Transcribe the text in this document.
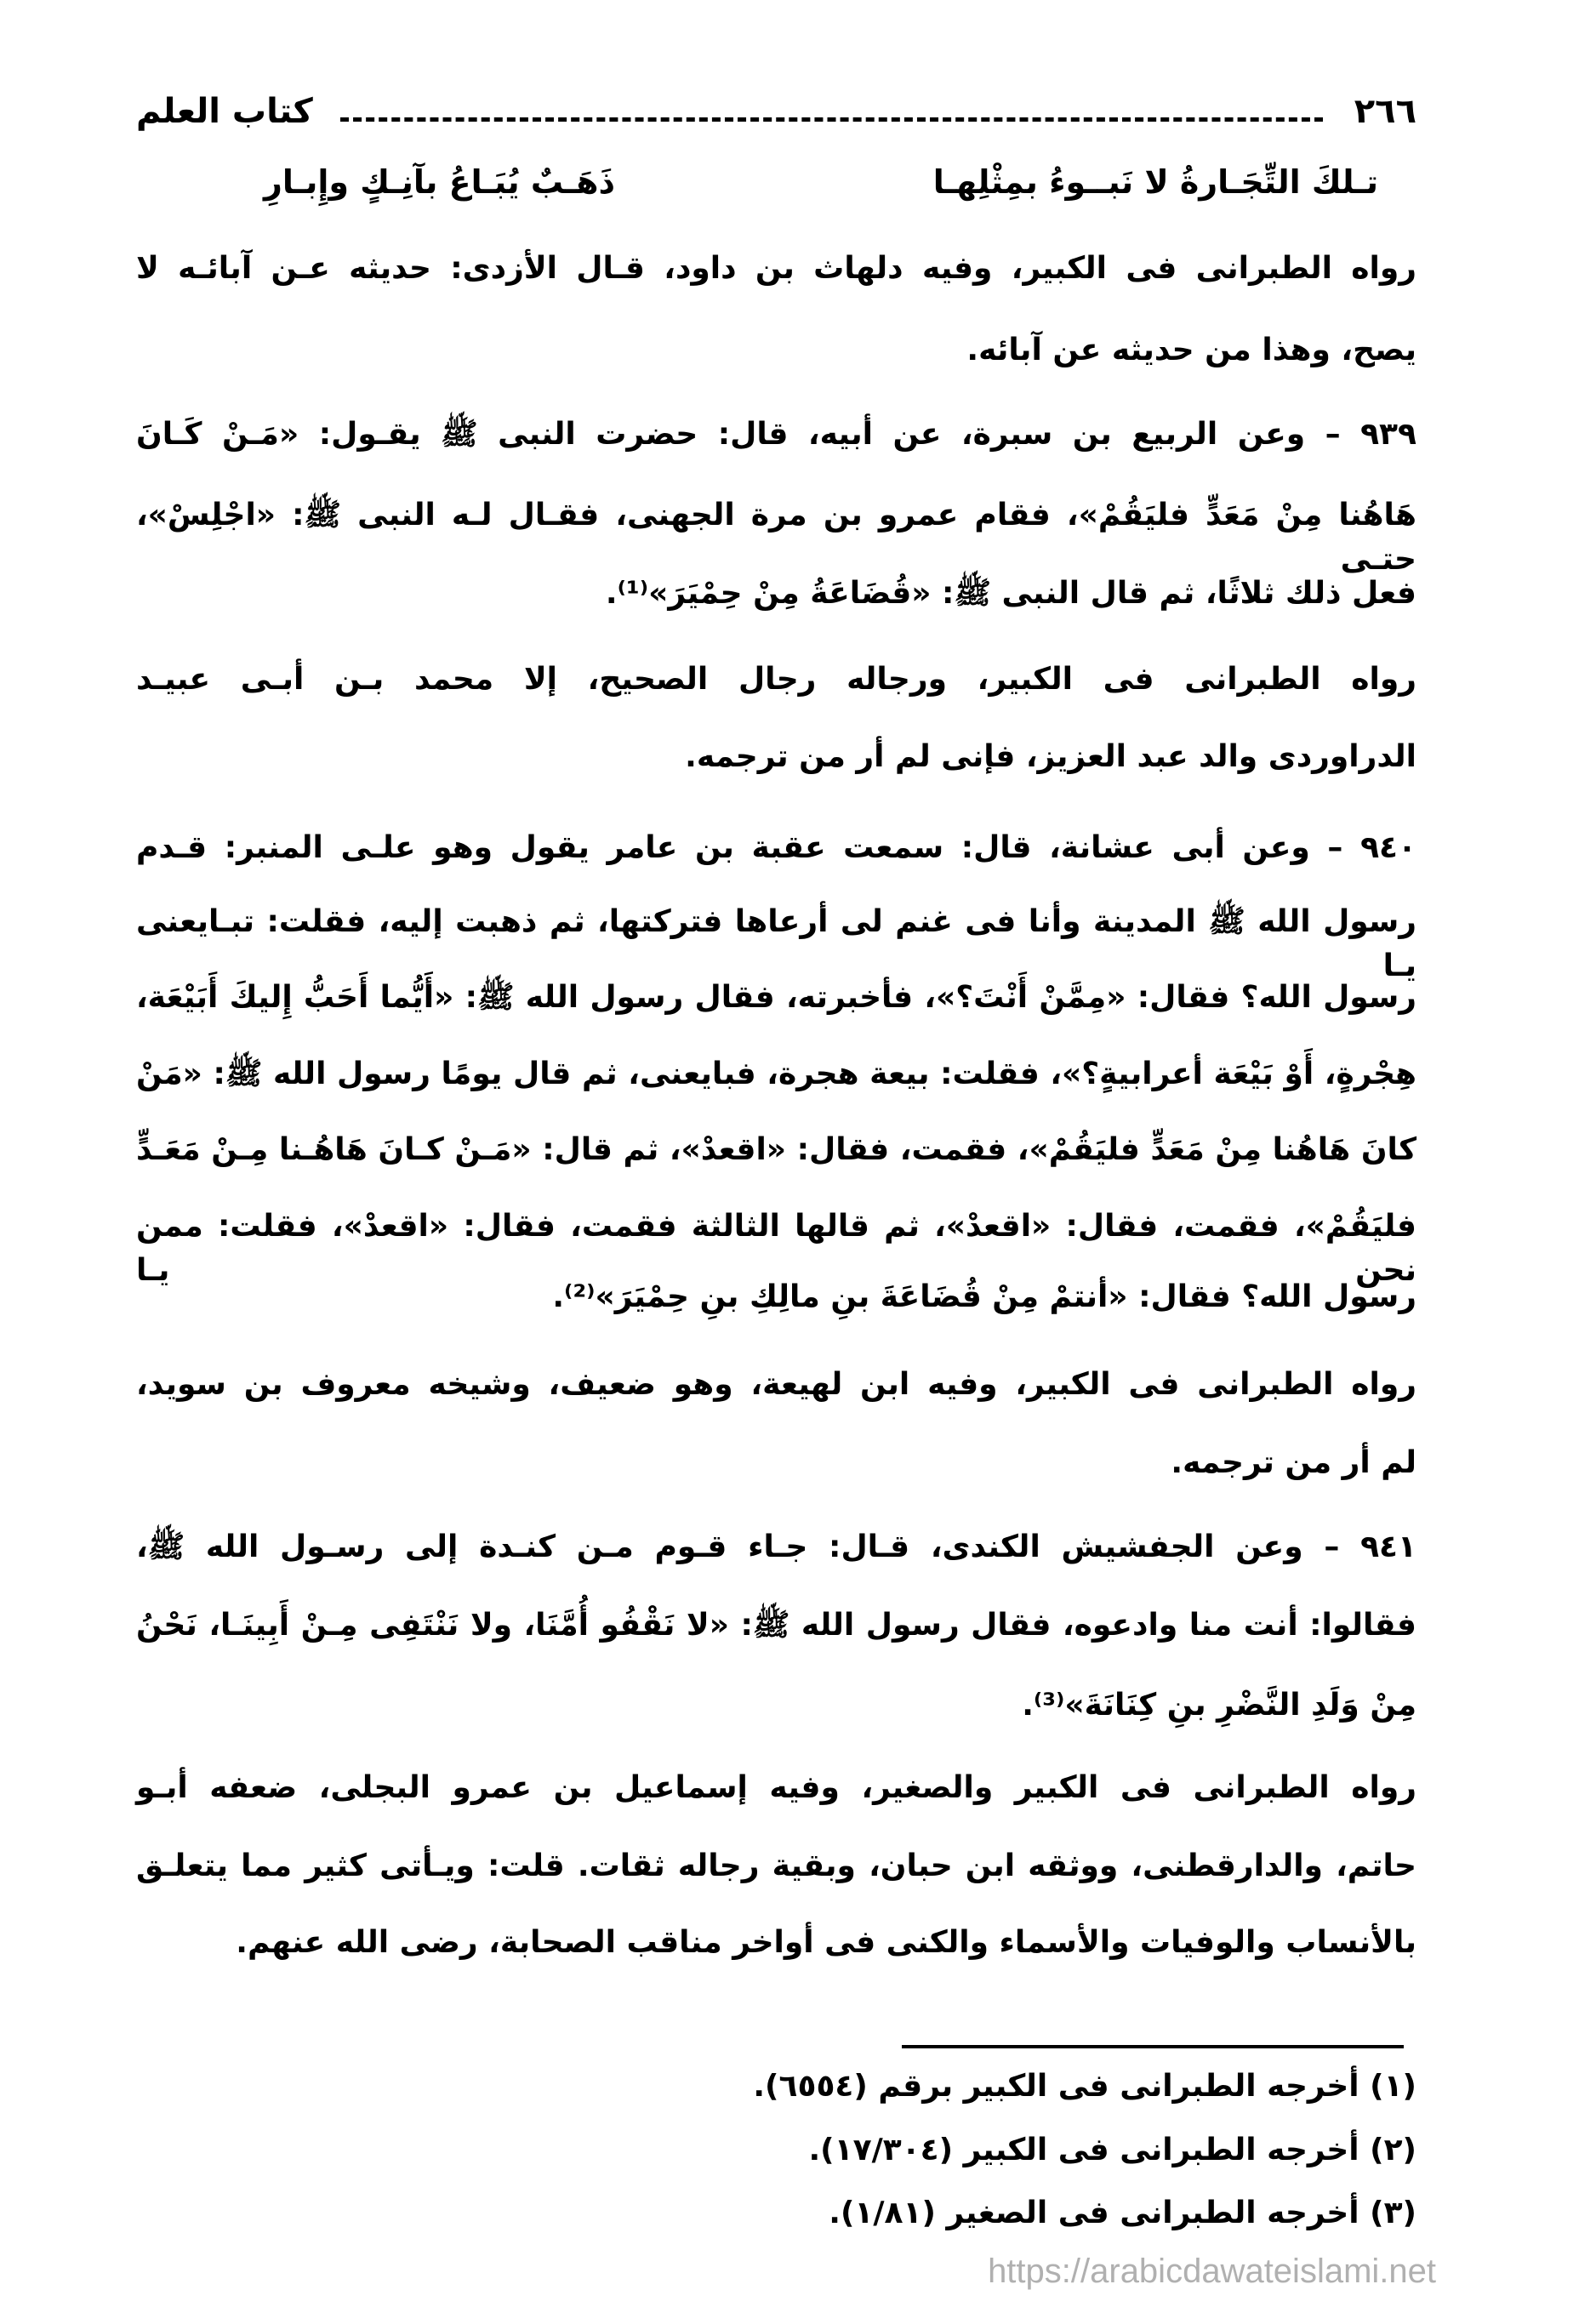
٢٦٦
كتاب العلم
تـلكَ التِّجَـارةُ لا نَبــوءُ بمِثْلِهـا
ذَهَـبٌ يُبَـاعُ بآنِـكٍ وإِبـارِ
رواه الطبرانى فى الكبير، وفيه دلهاث بن داود، قـال الأزدى: حديثه عـن آبائـه لا
يصح، وهذا من حديثه عن آبائه.
٩٣٩ – وعن الربيع بن سبرة، عن أبيه، قال: حضرت النبى ﷺ يقـول: «مَـنْ كَـانَ
هَاهُنا مِنْ مَعَدٍّ فليَقُمْ»، فقام عمرو بن مرة الجهنى، فقـال لـه النبى ﷺ: «اجْلِسْ»، حتـى
فعل ذلك ثلاثًا، ثم قال النبى ﷺ: «قُضَاعَةُ مِنْ حِمْيَرَ»⁽¹⁾.
رواه الطبرانى فى الكبير، ورجاله رجال الصحيح، إلا محمد بـن أبـى عبيـد
الدراوردى والد عبد العزيز، فإنى لم أر من ترجمه.
٩٤٠ – وعن أبى عشانة، قال: سمعت عقبة بن عامر يقول وهو علـى المنبر: قـدم
رسول الله ﷺ المدينة وأنا فى غنم لى أرعاها فتركتها، ثم ذهبت إليه، فقلت: تبـايعنى يـا
رسول الله؟ فقال: «مِمَّنْ أَنْتَ؟»، فأخبرته، فقال رسول الله ﷺ: «أَيُّما أَحَبُّ إِليكَ أَبَيْعَة،
هِجْرةٍ، أَوْ بَيْعَة أعرابيةٍ؟»، فقلت: بيعة هجرة، فبايعنى، ثم قال يومًا رسول الله ﷺ: «مَنْ
كانَ هَاهُنا مِنْ مَعَدٍّ فليَقُمْ»، فقمت، فقال: «اقعدْ»، ثم قال: «مَـنْ كـانَ هَاهُـنا مِـنْ مَعَـدٍّ
فليَقُمْ»، فقمت، فقال: «اقعدْ»، ثم قالها الثالثة فقمت، فقال: «اقعدْ»، فقلت: ممن نحن يـا
رسول الله؟ فقال: «أنتمْ مِنْ قُضَاعَةَ بنِ مالِكِ بنِ حِمْيَرَ»⁽²⁾.
رواه الطبرانى فى الكبير، وفيه ابن لهيعة، وهو ضعيف، وشيخه معروف بن سويد،
لم أر من ترجمه.
٩٤١ – وعن الجفشيش الكندى، قـال: جـاء قـوم مـن كنـدة إلى رسـول الله ﷺ،
فقالوا: أنت منا وادعوه، فقال رسول الله ﷺ: «لا نَقْفُو أُمَّنَا، ولا نَنْتَفِى مِـنْ أَبِينَـا، نَحْنُ
مِنْ وَلَدِ النَّضْرِ بنِ كِنَانَةَ»⁽³⁾.
رواه الطبرانى فى الكبير والصغير، وفيه إسماعيل بن عمرو البجلى، ضعفه أبـو
حاتم، والدارقطنى، ووثقه ابن حبان، وبقية رجاله ثقات. قلت: ويـأتى كثير مما يتعلـق
بالأنساب والوفيات والأسماء والكنى فى أواخر مناقب الصحابة، رضى الله عنهم.
(١) أخرجه الطبرانى فى الكبير برقم (٦٥٥٤).
(٢) أخرجه الطبرانى فى الكبير (١٧/٣٠٤).
(٣) أخرجه الطبرانى فى الصغير (١/٨١).
https://arabicdawateislami.net
